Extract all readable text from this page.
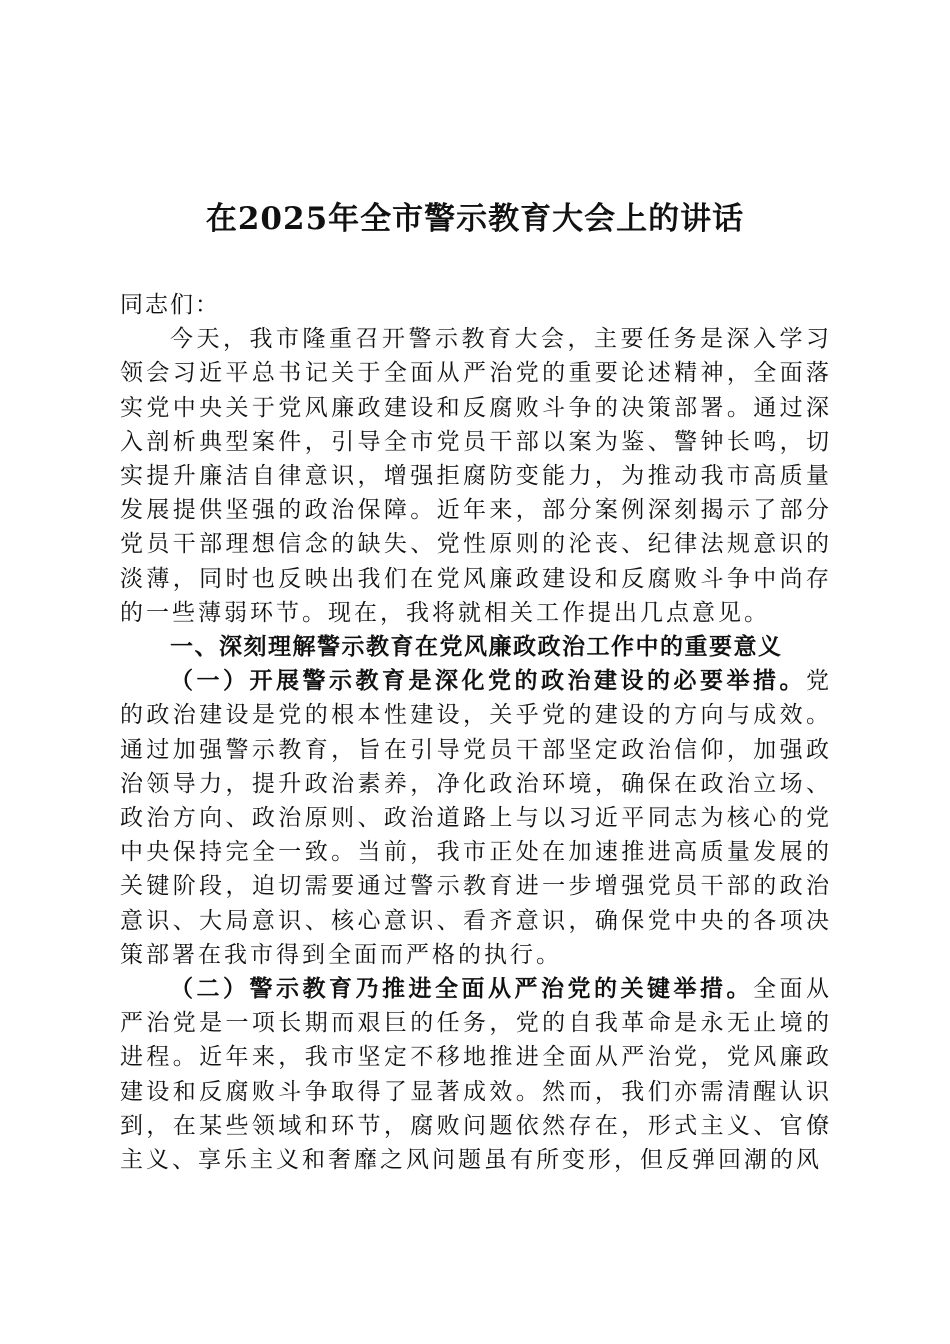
在2025年全市警示教育大会上的讲话

同志们：

今天，我市隆重召开警示教育大会，主要任务是深入学习领会习近平总书记关于全面从严治党的重要论述精神，全面落实党中央关于党风廉政建设和反腐败斗争的决策部署。通过深入剖析典型案件，引导全市党员干部以案为鉴、警钟长鸣，切实提升廉洁自律意识，增强拒腐防变能力，为推动我市高质量发展提供坚强的政治保障。近年来，部分案例深刻揭示了部分党员干部理想信念的缺失、党性原则的沦丧、纪律法规意识的淡薄，同时也反映出我们在党风廉政建设和反腐败斗争中尚存的一些薄弱环节。现在，我将就相关工作提出几点意见。

一、深刻理解警示教育在党风廉政政治工作中的重要意义

（一）开展警示教育是深化党的政治建设的必要举措。党的政治建设是党的根本性建设，关乎党的建设的方向与成效。通过加强警示教育，旨在引导党员干部坚定政治信仰，加强政治领导力，提升政治素养，净化政治环境，确保在政治立场、政治方向、政治原则、政治道路上与以习近平同志为核心的党中央保持完全一致。当前，我市正处在加速推进高质量发展的关键阶段，迫切需要通过警示教育进一步增强党员干部的政治意识、大局意识、核心意识、看齐意识，确保党中央的各项决策部署在我市得到全面而严格的执行。

（二）警示教育乃推进全面从严治党的关键举措。全面从严治党是一项长期而艰巨的任务，党的自我革命是永无止境的进程。近年来，我市坚定不移地推进全面从严治党，党风廉政建设和反腐败斗争取得了显著成效。然而，我们亦需清醒认识到，在某些领域和环节，腐败问题依然存在，形式主义、官僚主义、享乐主义和奢靡之风问题虽有所变形，但反弹回潮的风
